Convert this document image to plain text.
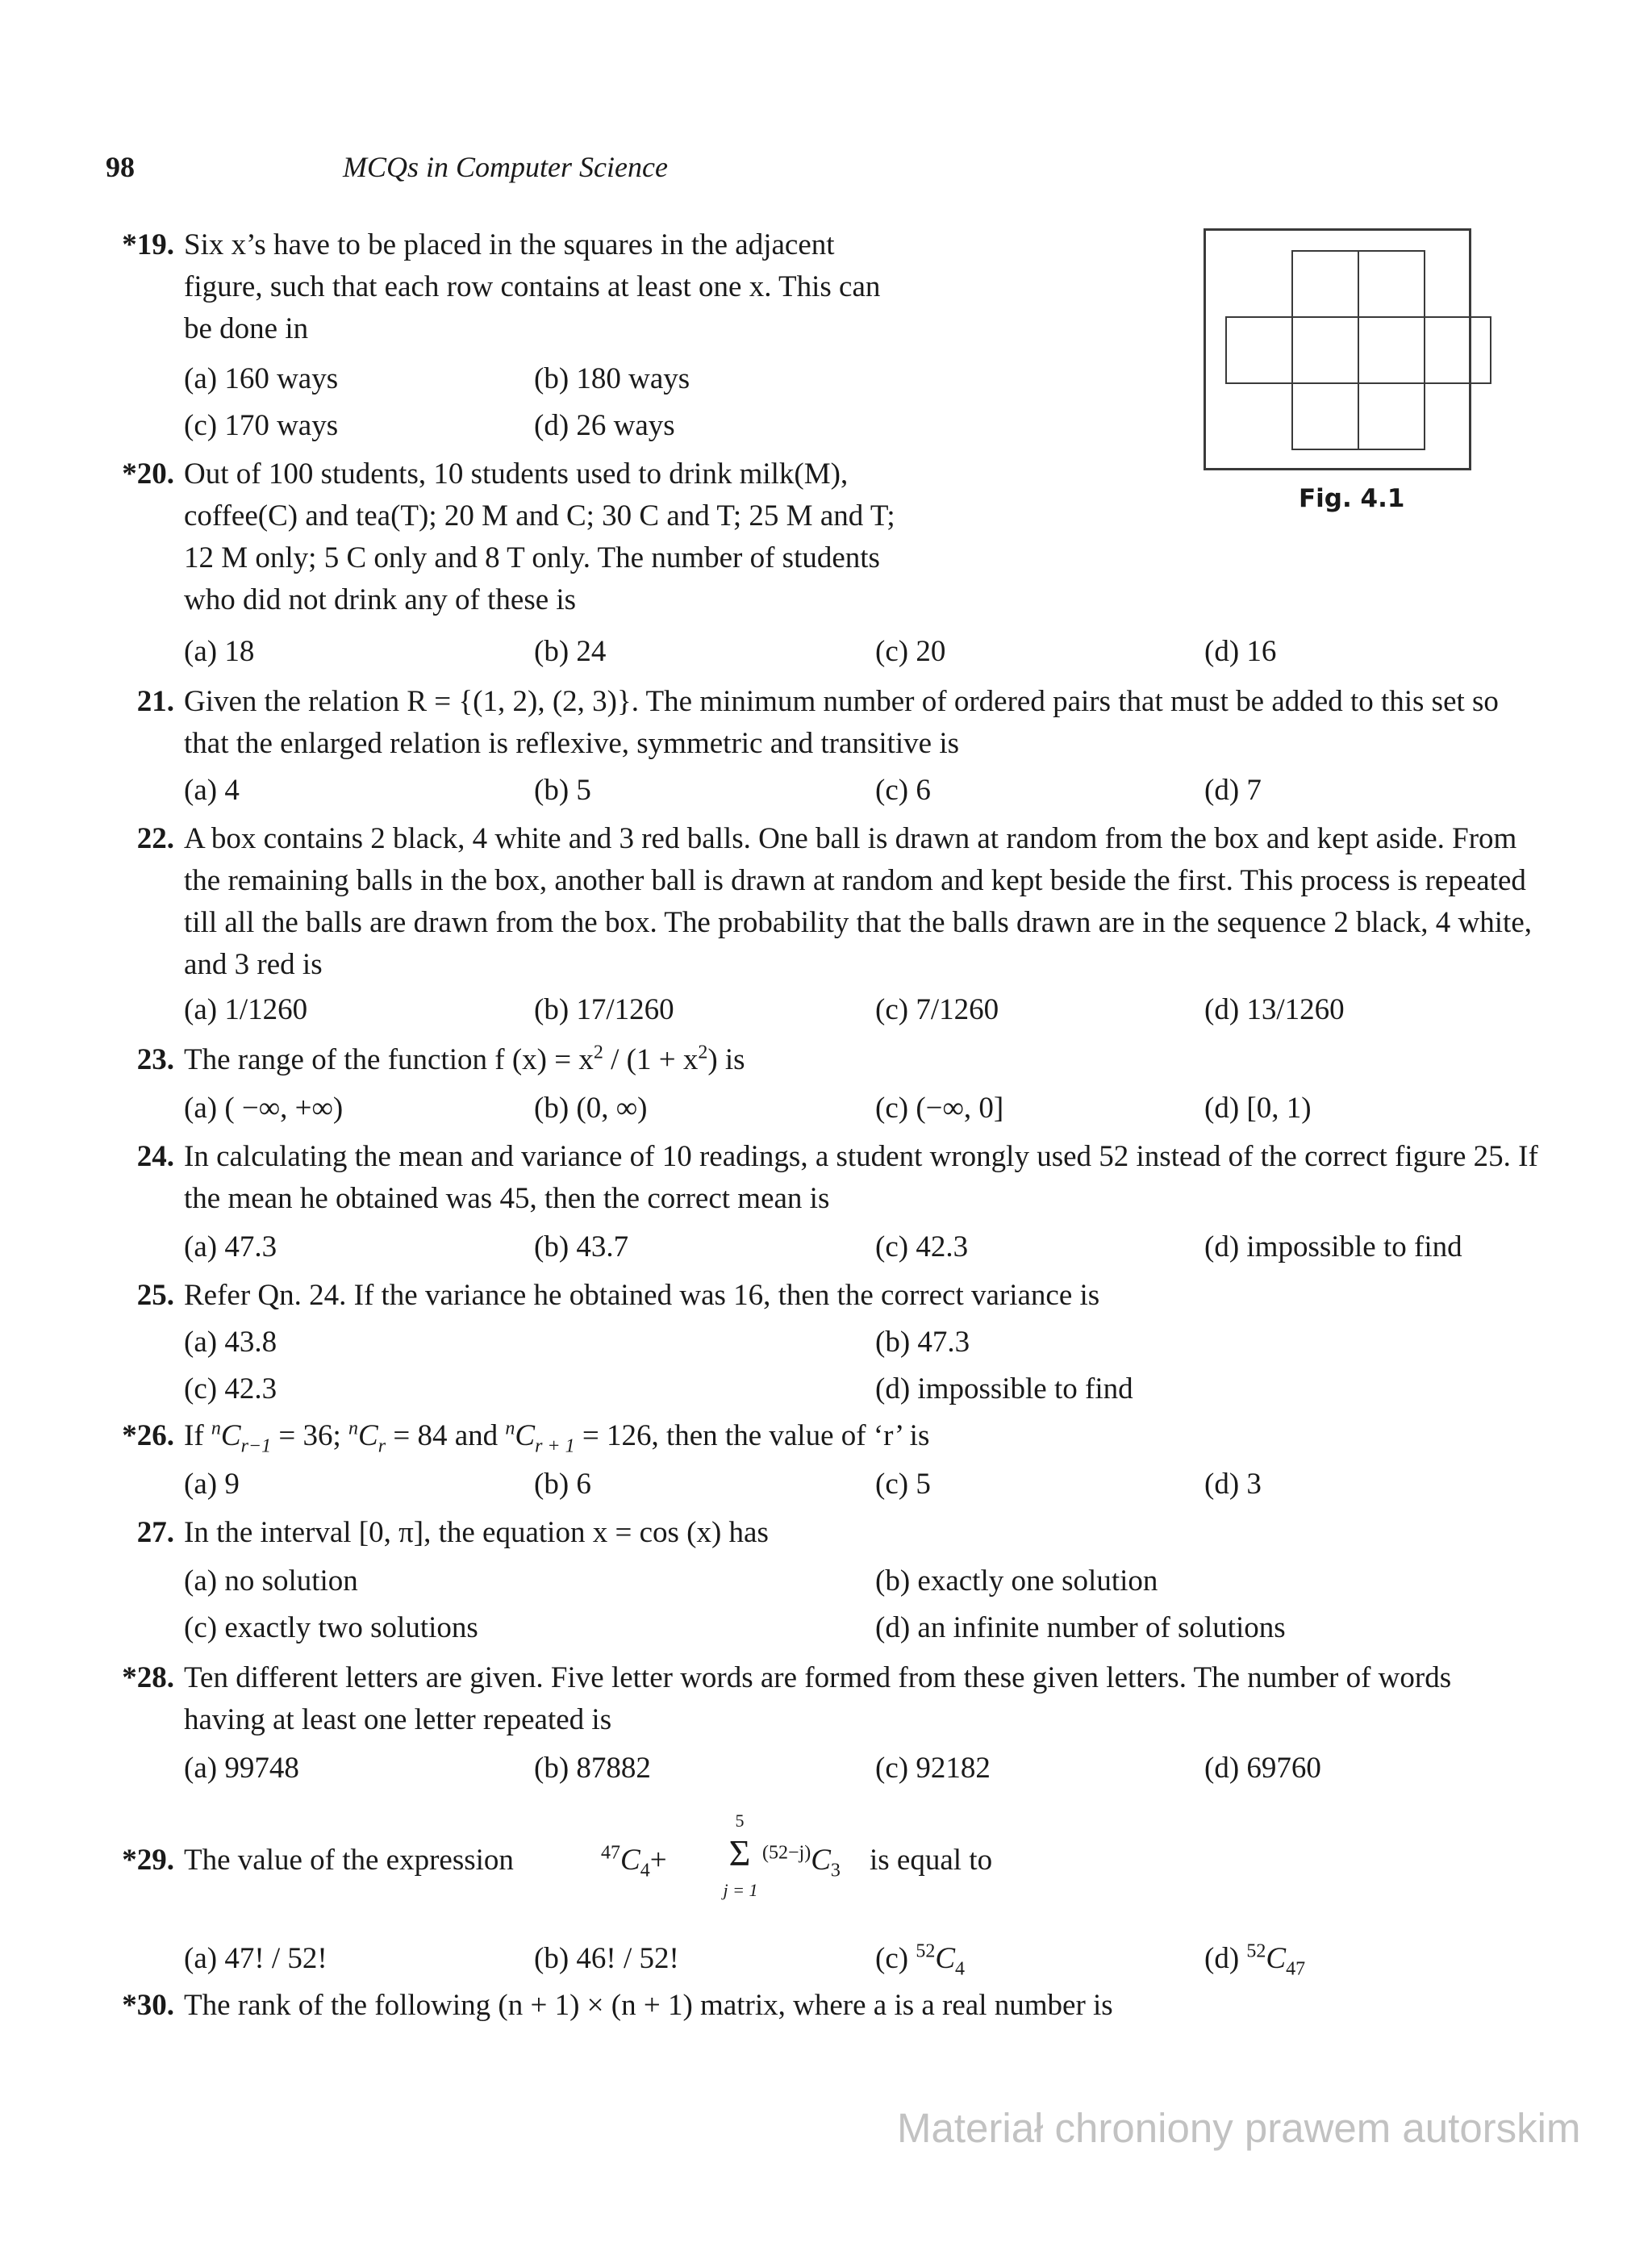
98	MCQs in Computer Science
Fig. 4.1
*19. Six x’s have to be placed in the squares in the adjacent
figure, such that each row contains at least one x. This can
be done in
(a) 160 ways	(b) 180 ways
(c) 170 ways	(d) 26 ways
*20. Out of 100 students, 10 students used to drink milk(M),
coffee(C) and tea(T); 20 M and C; 30 C and T; 25 M and T;
12 M only; 5 C only and 8 T only. The number of students
who did not drink any of these is
(a) 18	(b) 24	(c) 20	(d) 16
21. Given the relation R = {(1, 2), (2, 3)}. The minimum number of ordered pairs that must be added to this set so that the enlarged relation is reflexive, symmetric and transitive is
(a) 4	(b) 5	(c) 6	(d) 7
22. A box contains 2 black, 4 white and 3 red balls. One ball is drawn at random from the box and kept aside. From the remaining balls in the box, another ball is drawn at random and kept beside the first. This process is repeated till all the balls are drawn from the box. The probability that the balls drawn are in the sequence 2 black, 4 white, and 3 red is
(a) 1/1260	(b) 17/1260	(c) 7/1260	(d) 13/1260
23. The range of the function f $(x) = x^2 / (1 + x^2)$ is
(a) ( −∞, +∞)	(b) (0, ∞)	(c) (−∞, 0]	(d) [0, 1)
24. In calculating the mean and variance of 10 readings, a student wrongly used 52 instead of the correct figure 25. If the mean he obtained was 45, then the correct mean is
(a) 47.3	(b) 43.7	(c) 42.3	(d) impossible to find
25. Refer Qn. 24. If the variance he obtained was 16, then the correct variance is
(a) 43.8	(b) 47.3
(c) 42.3	(d) impossible to find
*26. If $^nC_{r-1} = 36$; $^nC_r = 84$ and $^nC_{r + 1} = 126$, then the value of ‘r’ is
(a) 9	(b) 6	(c) 5	(d) 3
27. In the interval [0, π], the equation x = cos (x) has
(a) no solution	(b) exactly one solution
(c) exactly two solutions	(d) an infinite number of solutions
*28. Ten different letters are given. Five letter words are formed from these given letters. The number of words having at least one letter repeated is
(a) 99748	(b) 87882	(c) 92182	(d) 69760
*29. The value of the expression	$^{47}C_4+$
5
Σ
j = 1
$^{(52-j)}C_3$ is equal to
(a) 47! / 52!	(b) 46! / 52!	(c) $^{52}C_4$	(d) $^{52}C_{47}$
*30. The rank of the following (n + 1) × (n + 1) matrix, where a is a real number is
Materiał chroniony prawem autorskim
